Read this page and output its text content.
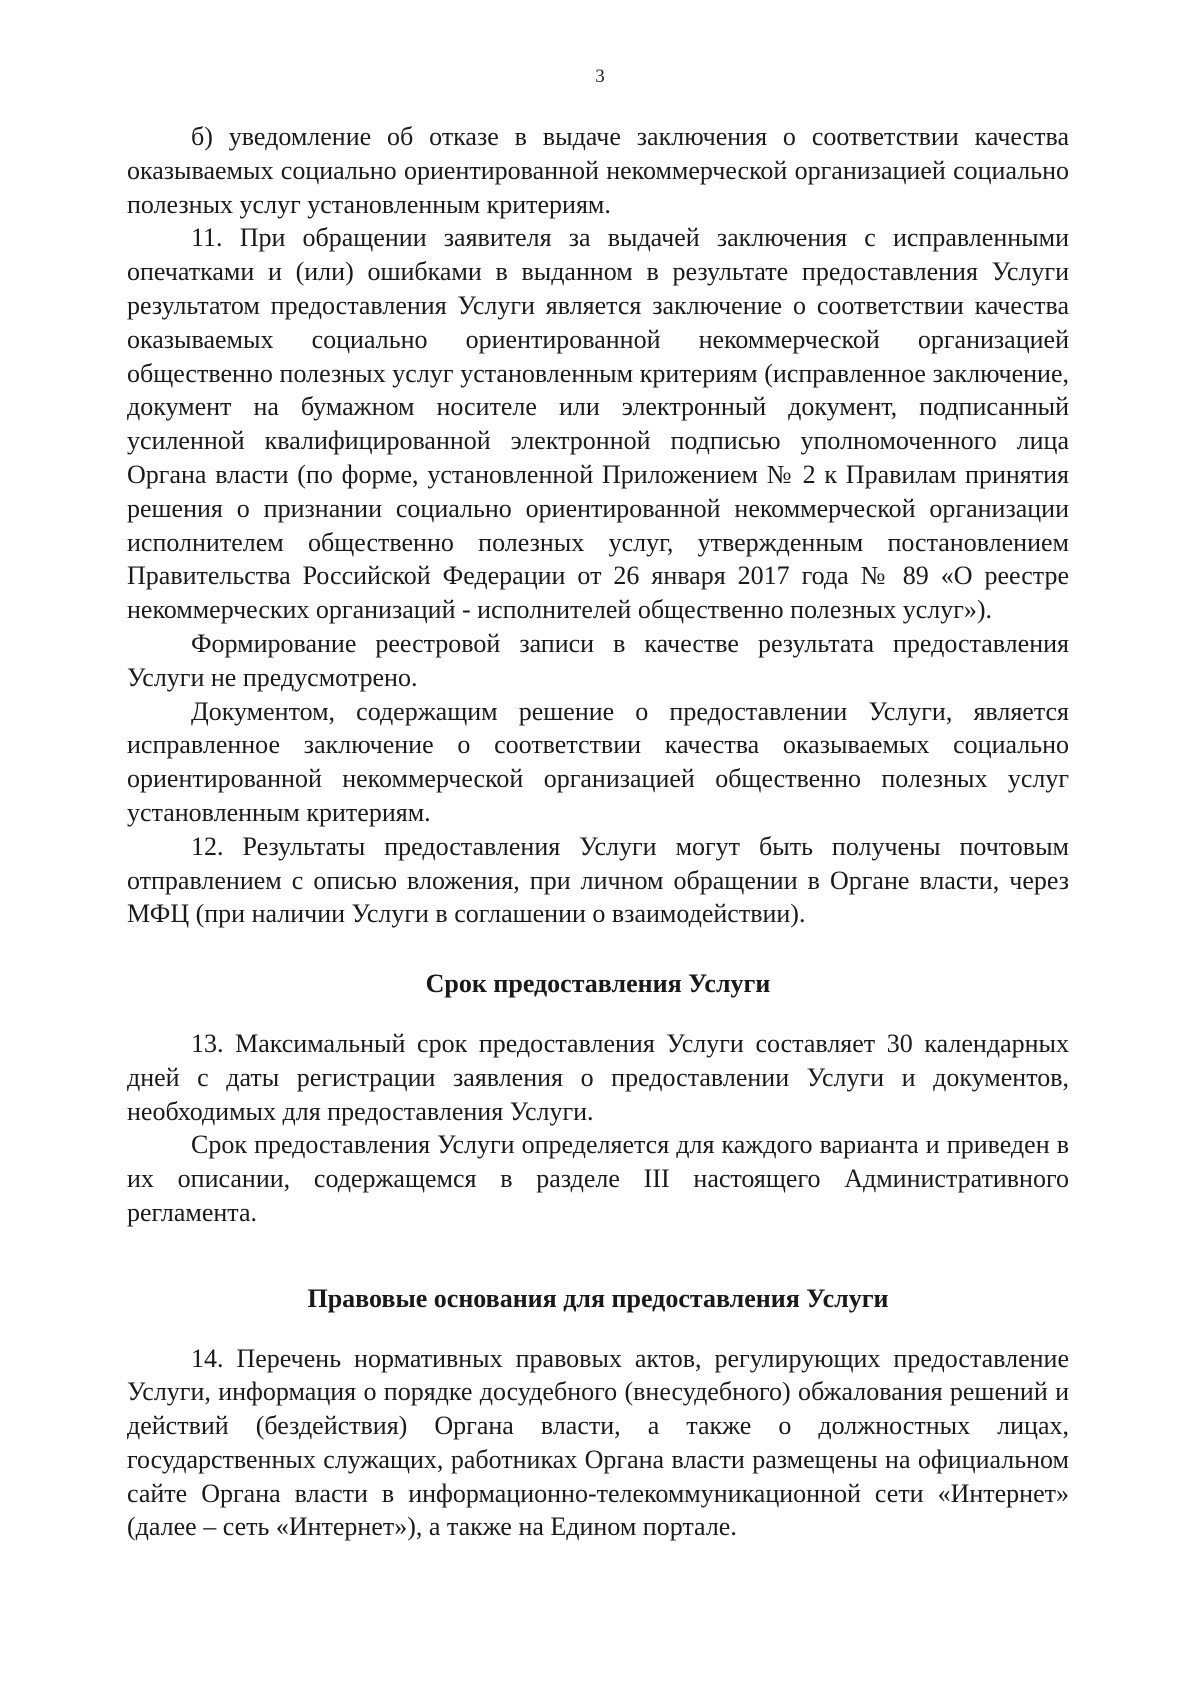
3

б) уведомление об отказе в выдаче заключения о соответствии качества оказываемых социально ориентированной некоммерческой организацией социально полезных услуг установленным критериям.

11. При обращении заявителя за выдачей заключения с исправленными опечатками и (или) ошибками в выданном в результате предоставления Услуги результатом предоставления Услуги является заключение о соответствии качества оказываемых социально ориентированной некоммерческой организацией общественно полезных услуг установленным критериям (исправленное заключение, документ на бумажном носителе или электронный документ, подписанный усиленной квалифицированной электронной подписью уполномоченного лица Органа власти (по форме, установленной Приложением № 2 к Правилам принятия решения о признании социально ориентированной некоммерческой организации исполнителем общественно полезных услуг, утвержденным постановлением Правительства Российской Федерации от 26 января 2017 года № 89 «О реестре некоммерческих организаций - исполнителей общественно полезных услуг»).

Формирование реестровой записи в качестве результата предоставления Услуги не предусмотрено.

Документом, содержащим решение о предоставлении Услуги, является исправленное заключение о соответствии качества оказываемых социально ориентированной некоммерческой организацией общественно полезных услуг установленным критериям.

12. Результаты предоставления Услуги могут быть получены почтовым отправлением с описью вложения, при личном обращении в Органе власти, через МФЦ (при наличии Услуги в соглашении о взаимодействии).

Срок предоставления Услуги

13. Максимальный срок предоставления Услуги составляет 30 календарных дней с даты регистрации заявления о предоставлении Услуги и документов, необходимых для предоставления Услуги.

Срок предоставления Услуги определяется для каждого варианта и приведен в их описании, содержащемся в разделе III настоящего Административного регламента.

Правовые основания для предоставления Услуги

14. Перечень нормативных правовых актов, регулирующих предоставление Услуги, информация о порядке досудебного (внесудебного) обжалования решений и действий (бездействия) Органа власти, а также о должностных лицах, государственных служащих, работниках Органа власти размещены на официальном сайте Органа власти в информационно-телекоммуникационной сети «Интернет» (далее – сеть «Интернет»), а также на Едином портале.
